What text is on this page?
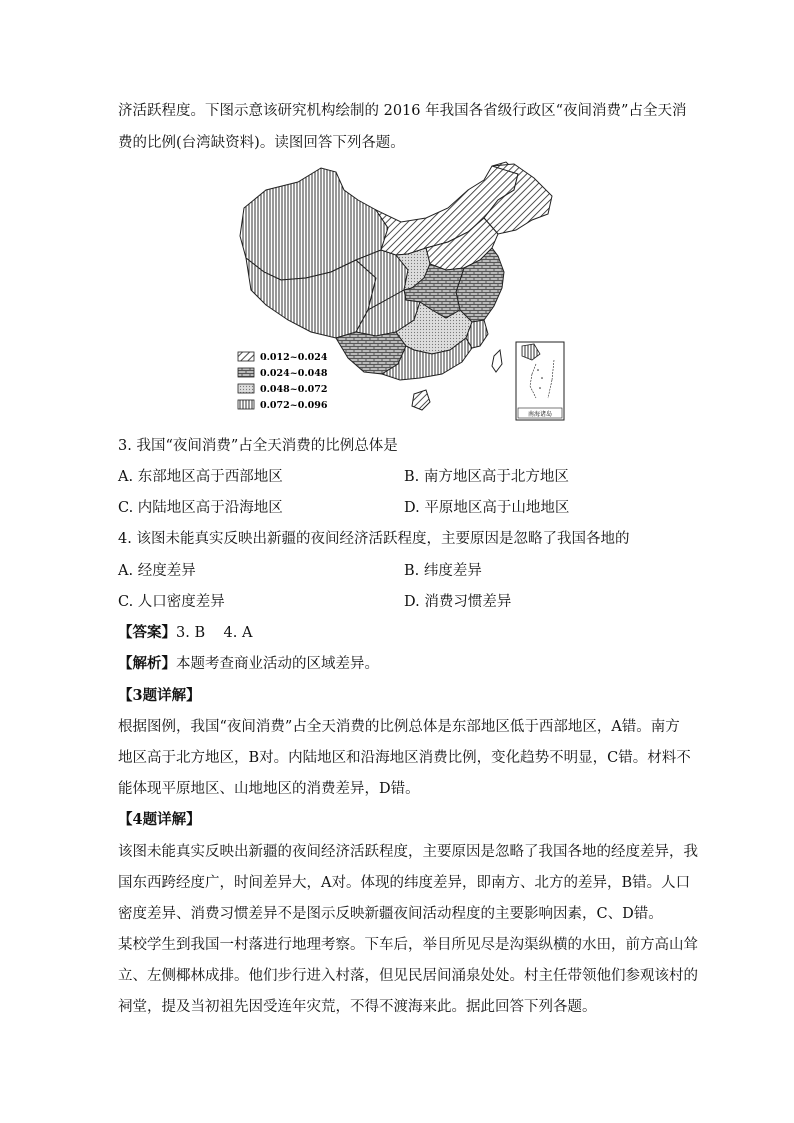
济活跃程度。下图示意该研究机构绘制的 2016 年我国各省级行政区“夜间消费”占全天消
费的比例(台湾缺资料)。读图回答下列各题。
南海诸岛
0.012~0.024
0.024~0.048
0.048~0.072
0.072~0.096
3. 我国“夜间消费”占全天消费的比例总体是
A. 东部地区高于西部地区	B. 南方地区高于北方地区
C. 内陆地区高于沿海地区	D. 平原地区高于山地地区
4. 该图未能真实反映出新疆的夜间经济活跃程度，主要原因是忽略了我国各地的
A. 经度差异	B. 纬度差异
C. 人口密度差异	D. 消费习惯差异
【答案】3. B    4. A
【解析】本题考查商业活动的区域差异。
【3题详解】
根据图例，我国“夜间消费”占全天消费的比例总体是东部地区低于西部地区，A错。南方
地区高于北方地区，B对。内陆地区和沿海地区消费比例，变化趋势不明显，C错。材料不
能体现平原地区、山地地区的消费差异，D错。
【4题详解】
该图未能真实反映出新疆的夜间经济活跃程度，主要原因是忽略了我国各地的经度差异，我
国东西跨经度广，时间差异大，A对。体现的纬度差异，即南方、北方的差异，B错。人口
密度差异、消费习惯差异不是图示反映新疆夜间活动程度的主要影响因素，C、D错。
某校学生到我国一村落进行地理考察。下车后，举目所见尽是沟渠纵横的水田，前方高山耸
立、左侧椰林成排。他们步行进入村落，但见民居间涌泉处处。村主任带领他们参观该村的
祠堂，提及当初祖先因受连年灾荒，不得不渡海来此。据此回答下列各题。
